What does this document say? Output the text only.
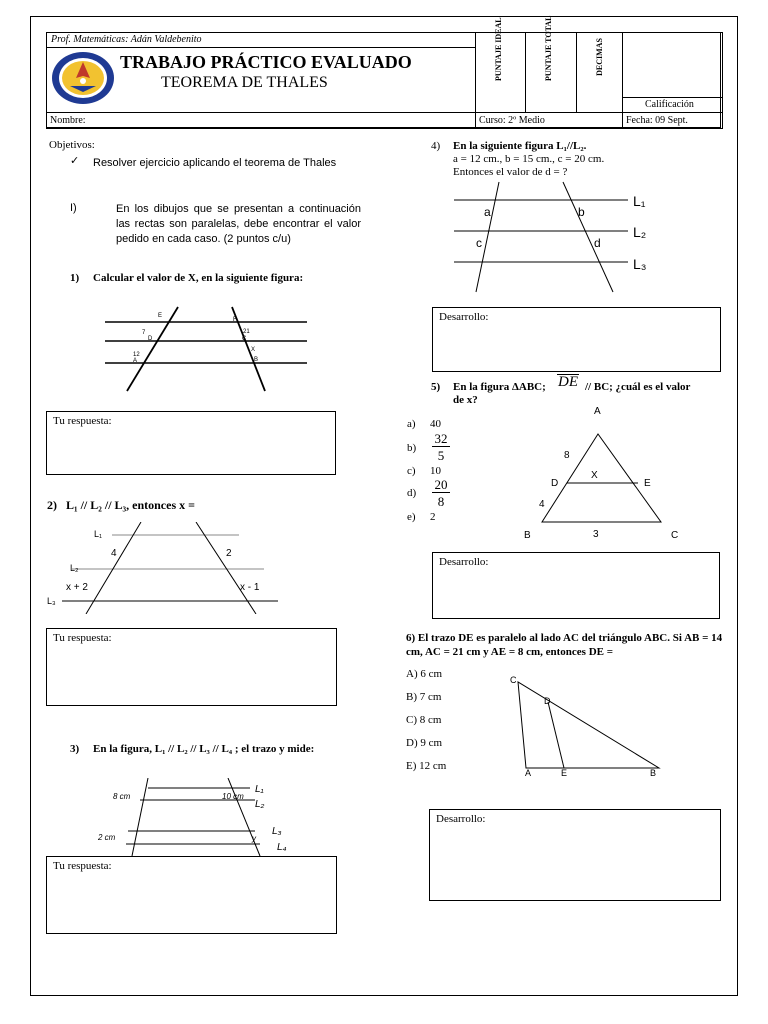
Prof. Matemáticas: Adán Valdebenito
Calificación
Nombre:	Curso: 2º Medio	Fecha: 09 Sept.
PUNTAJE IDEAL	PUNTAJE TOTAL	DECIMAS
TRABAJO PRÁCTICO EVALUADO
TEOREMA DE THALES
Objetivos:
✓ Resolver ejercicio aplicando el teorema de Thales
I)	En los dibujos que se presentan a continuación las rectas son paralelas, debe encontrar el valor pedido en cada caso. (2 puntos c/u)
1) Calcular el valor de X, en la siguiente figura:
E
F
7
D
21
C
X
12
A	B
Tu respuesta:
2) L₁ // L₂ // L₃, entonces x =
L₁
L₂
L₃
4	2
x + 2	x - 1
Tu respuesta:
3) En la figura, L₁ // L₂ // L₃ // L₄ ; el trazo y mide:
8 cm	10 cm
2 cm	y
L₁
L₂
L₃
L₄
Tu respuesta:
4) En la siguiente figura L₁//L₂.
a = 12 cm., b = 15 cm., c = 20 cm.
Entonces el valor de d = ?
a	b
c	d
L₁
L₂
L₃
Desarrollo:
5) En la figura ΔABC; DE // BC; ¿cuál es el valor
de x?
a) 40
b)
32
5
c) 10
d)
20
8
e) 2
A
B	C
D	E
8
X
4
3
Desarrollo:
6) El trazo DE es paralelo al lado AC del triángulo ABC. Si AB = 14 cm, AC = 21 cm y AE = 8 cm, entonces DE =
A) 6 cm
B) 7 cm
C) 8 cm
D) 9 cm
E) 12 cm
C
D
A	E	B
Desarrollo:
